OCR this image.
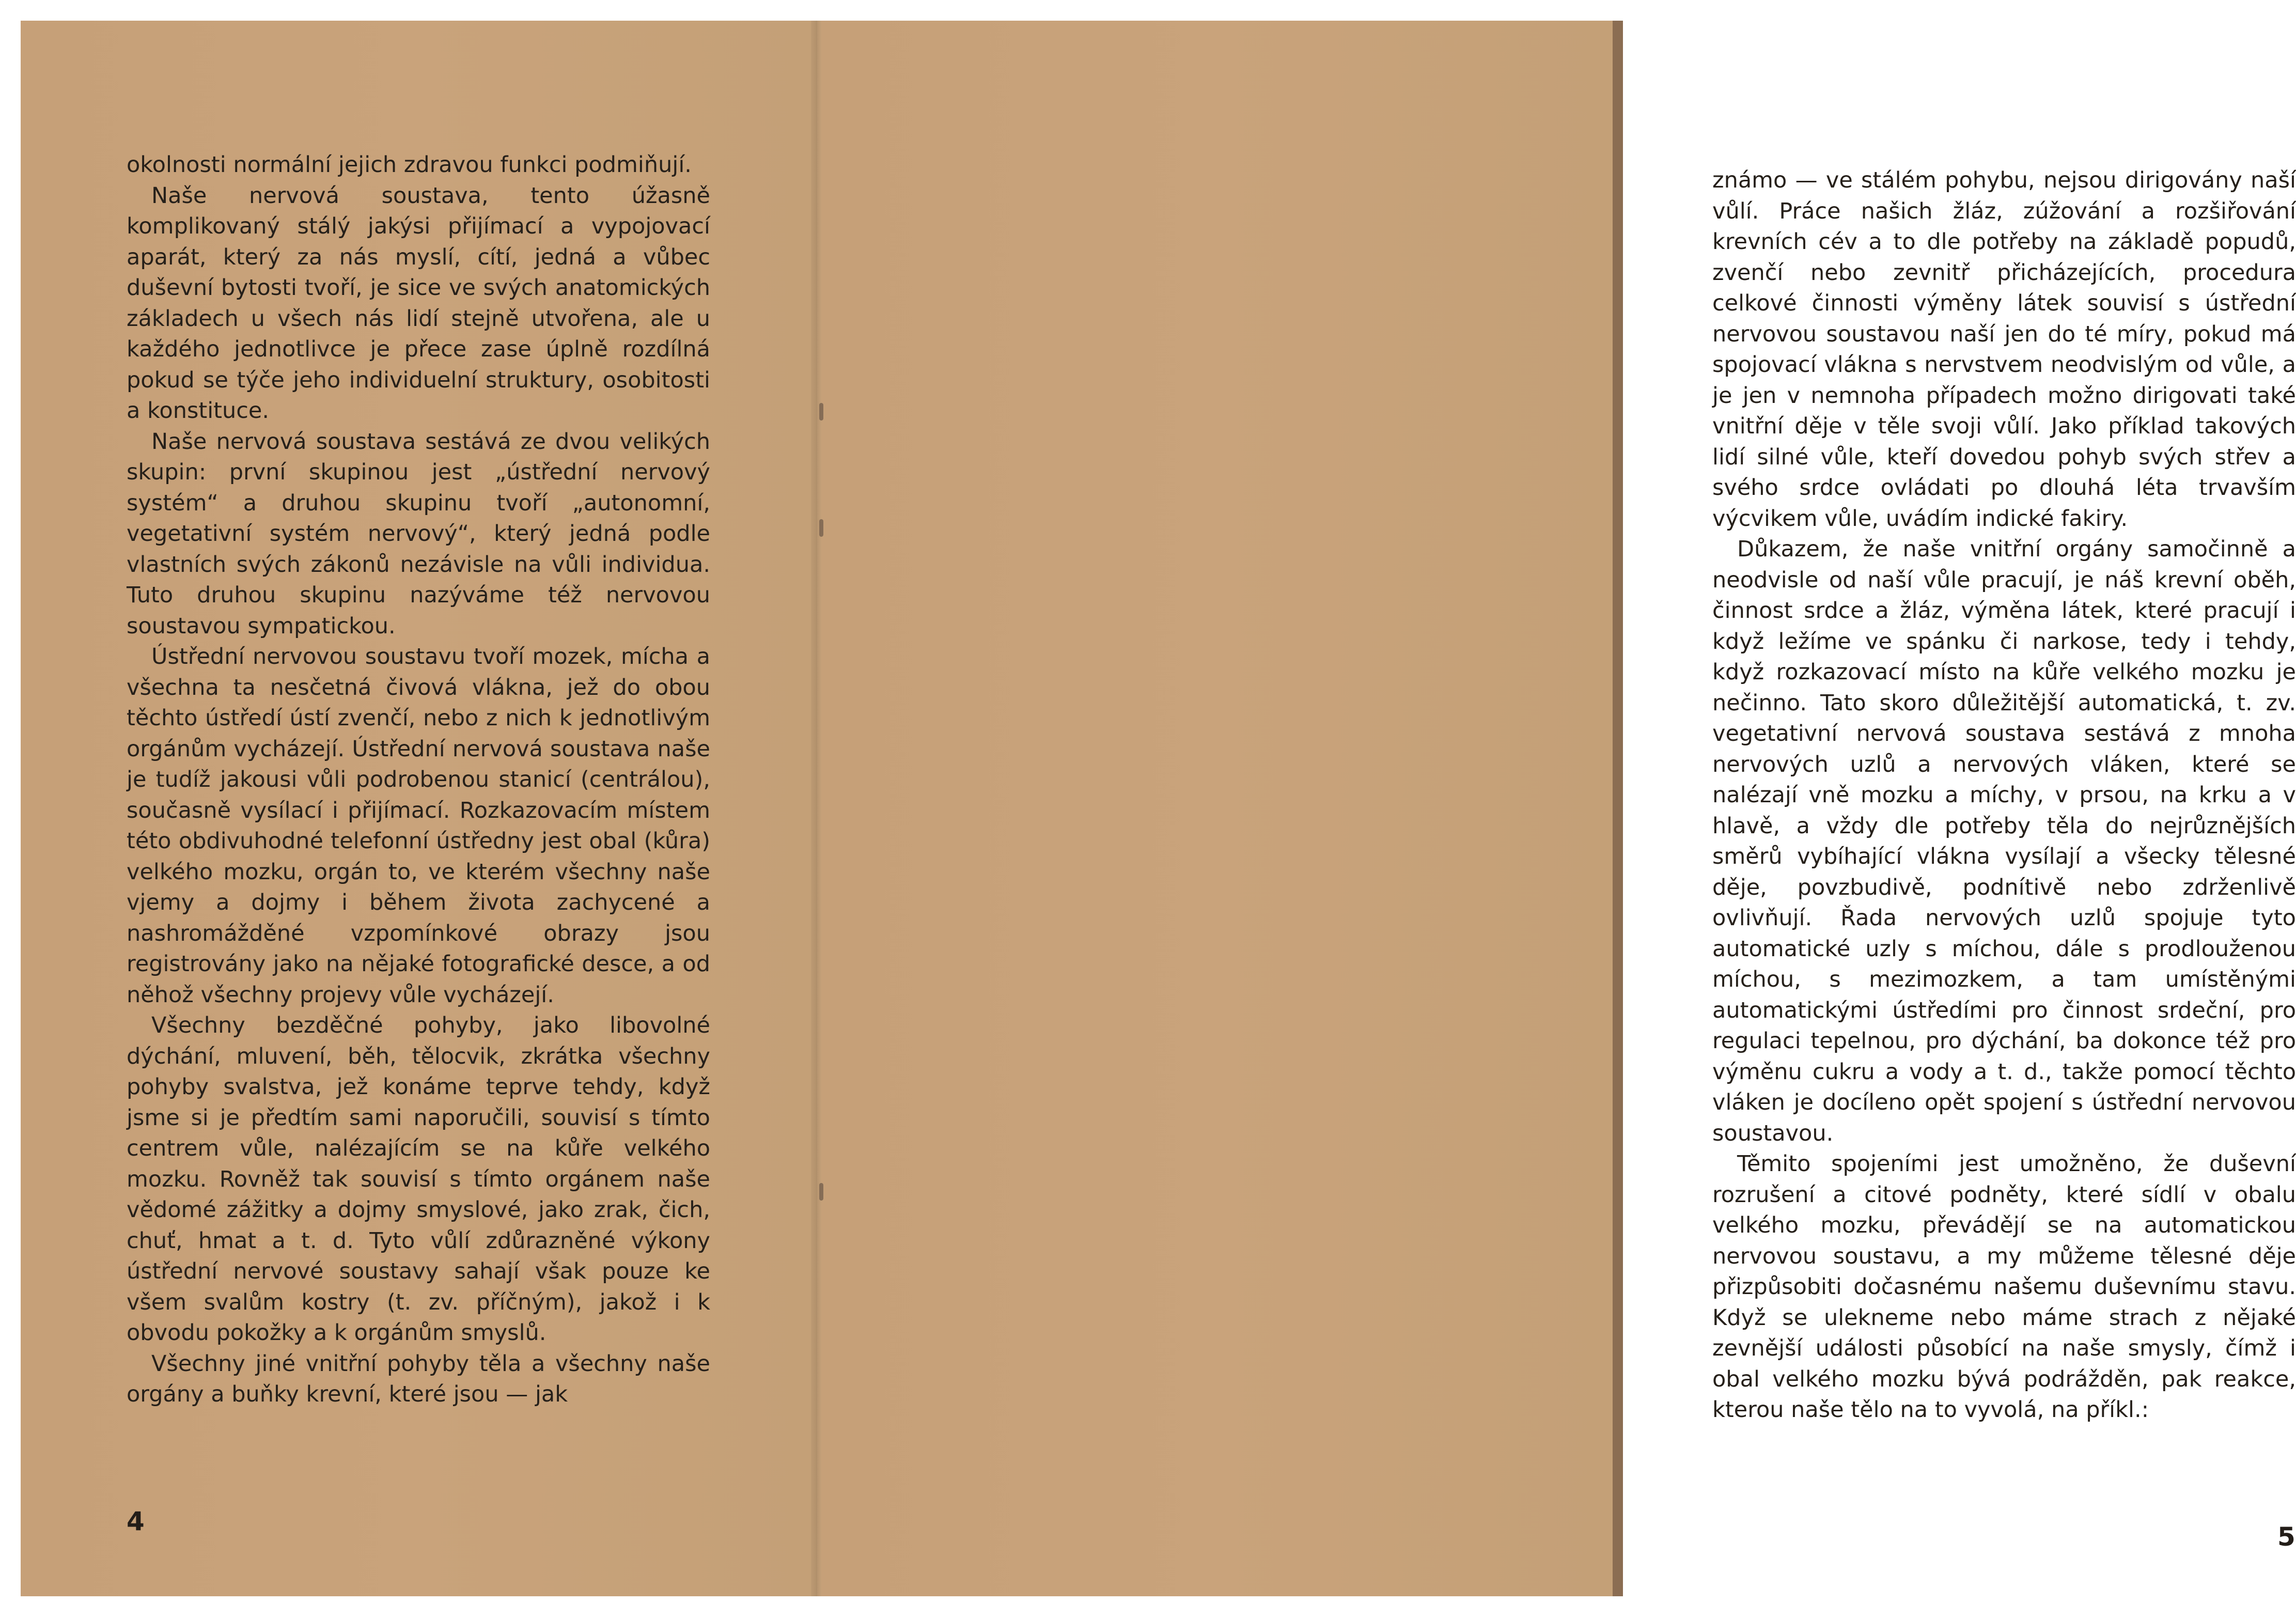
okolnosti normální jejich zdravou funkci podmiňují.

Naše nervová soustava, tento úžasně komplikovaný stálý jakýsi přijímací a vypojovací aparát, který za nás myslí, cítí, jedná a vůbec duševní bytosti tvoří, je sice ve svých anatomických základech u všech nás lidí stejně utvořena, ale u každého jednotlivce je přece zase úplně rozdílná pokud se týče jeho individuelní struktury, osobitosti a konstituce.

Naše nervová soustava sestává ze dvou velikých skupin: první skupinou jest „ústřední nervový systém“ a druhou skupinu tvoří „autonomní, vegetativní systém nervový“, který jedná podle vlastních svých zákonů nezávisle na vůli individua. Tuto druhou skupinu nazýváme též nervovou soustavou sympatickou.

Ústřední nervovou soustavu tvoří mozek, mícha a všechna ta nesčetná čivová vlákna, jež do obou těchto ústředí ústí zvenčí, nebo z nich k jednotlivým orgánům vycházejí. Ústřední nervová soustava naše je tudíž jakousi vůli podrobenou stanicí (centrálou), současně vysílací i přijímací. Rozkazovacím místem této obdivuhodné telefonní ústředny jest obal (kůra) velkého mozku, orgán to, ve kterém všechny naše vjemy a dojmy i během života zachycené a nashromážděné vzpomínkové obrazy jsou registrovány jako na nějaké fotografické desce, a od něhož všechny projevy vůle vycházejí.

Všechny bezděčné pohyby, jako libovolné dýchání, mluvení, běh, tělocvik, zkrátka všechny pohyby svalstva, jež konáme teprve tehdy, když jsme si je předtím sami naporučili, souvisí s tímto centrem vůle, nalézajícím se na kůře velkého mozku. Rovněž tak souvisí s tímto orgánem naše vědomé zážitky a dojmy smyslové, jako zrak, čich, chuť, hmat a t. d. Tyto vůlí zdůrazněné výkony ústřední nervové soustavy sahají však pouze ke všem svalům kostry (t. zv. příčným), jakož i k obvodu pokožky a k orgánům smyslů.

Všechny jiné vnitřní pohyby těla a všechny naše orgány a buňky krevní, které jsou — jak

4

známo — ve stálém pohybu, nejsou dirigovány naší vůlí. Práce našich žláz, zúžování a rozšiřování krevních cév a to dle potřeby na základě popudů, zvenčí nebo zevnitř přicházejících, procedura celkové činnosti výměny látek souvisí s ústřední nervovou soustavou naší jen do té míry, pokud má spojovací vlákna s nervstvem neodvislým od vůle, a je jen v nemnoha případech možno dirigovati také vnitřní děje v těle svoji vůlí. Jako příklad takových lidí silné vůle, kteří dovedou pohyb svých střev a svého srdce ovládati po dlouhá léta trvavším výcvikem vůle, uvádím indické fakiry.

Důkazem, že naše vnitřní orgány samočinně a neodvisle od naší vůle pracují, je náš krevní oběh, činnost srdce a žláz, výměna látek, které pracují i když ležíme ve spánku či narkose, tedy i tehdy, když rozkazovací místo na kůře velkého mozku je nečinno. Tato skoro důležitější automatická, t. zv. vegetativní nervová soustava sestává z mnoha nervových uzlů a nervových vláken, které se nalézají vně mozku a míchy, v prsou, na krku a v hlavě, a vždy dle potřeby těla do nejrůznějších směrů vybíhající vlákna vysílají a všecky tělesné děje, povzbudivě, podnítivě nebo zdrženlivě ovlivňují. Řada nervových uzlů spojuje tyto automatické uzly s míchou, dále s prodlouženou míchou, s mezimozkem, a tam umístěnými automatickými ústředími pro činnost srdeční, pro regulaci tepelnou, pro dýchání, ba dokonce též pro výměnu cukru a vody a t. d., takže pomocí těchto vláken je docíleno opět spojení s ústřední nervovou soustavou.

Těmito spojeními jest umožněno, že duševní rozrušení a citové podněty, které sídlí v obalu velkého mozku, převádějí se na automatickou nervovou soustavu, a my můžeme tělesné děje přizpůsobiti dočasnému našemu duševnímu stavu. Když se ulekneme nebo máme strach z nějaké zevnější události působící na naše smysly, čímž i obal velkého mozku bývá podrážděn, pak reakce, kterou naše tělo na to vyvolá, na příkl.:

5
